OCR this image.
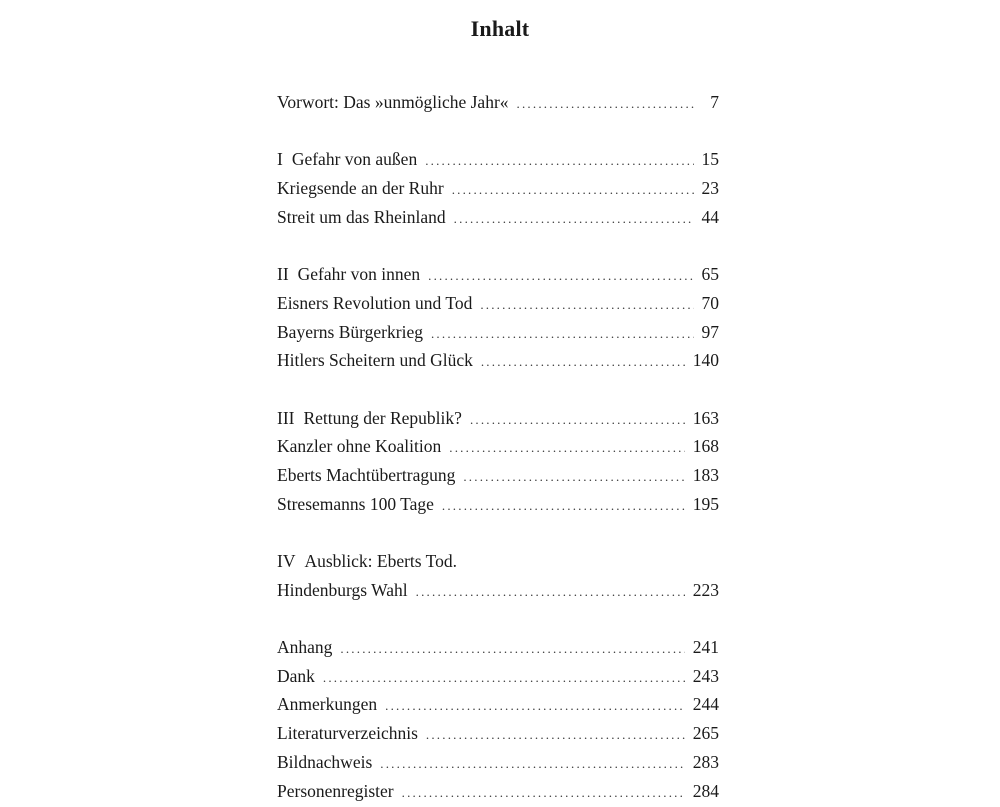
Inhalt
Vorwort: Das »unmögliche Jahr« .....	7
I Gefahr von außen .....	15
Kriegsende an der Ruhr .....	23
Streit um das Rheinland .....	44
II Gefahr von innen .....	65
Eisners Revolution und Tod .....	70
Bayerns Bürgerkrieg .....	97
Hitlers Scheitern und Glück .....	140
III Rettung der Republik? .....	163
Kanzler ohne Koalition .....	168
Eberts Machtübertragung .....	183
Stresemanns 100 Tage .....	195
IV Ausblick: Eberts Tod.
Hindenburgs Wahl .....	223
Anhang .....	241
Dank .....	243
Anmerkungen .....	244
Literaturverzeichnis .....	265
Bildnachweis .....	283
Personenregister .....	284
